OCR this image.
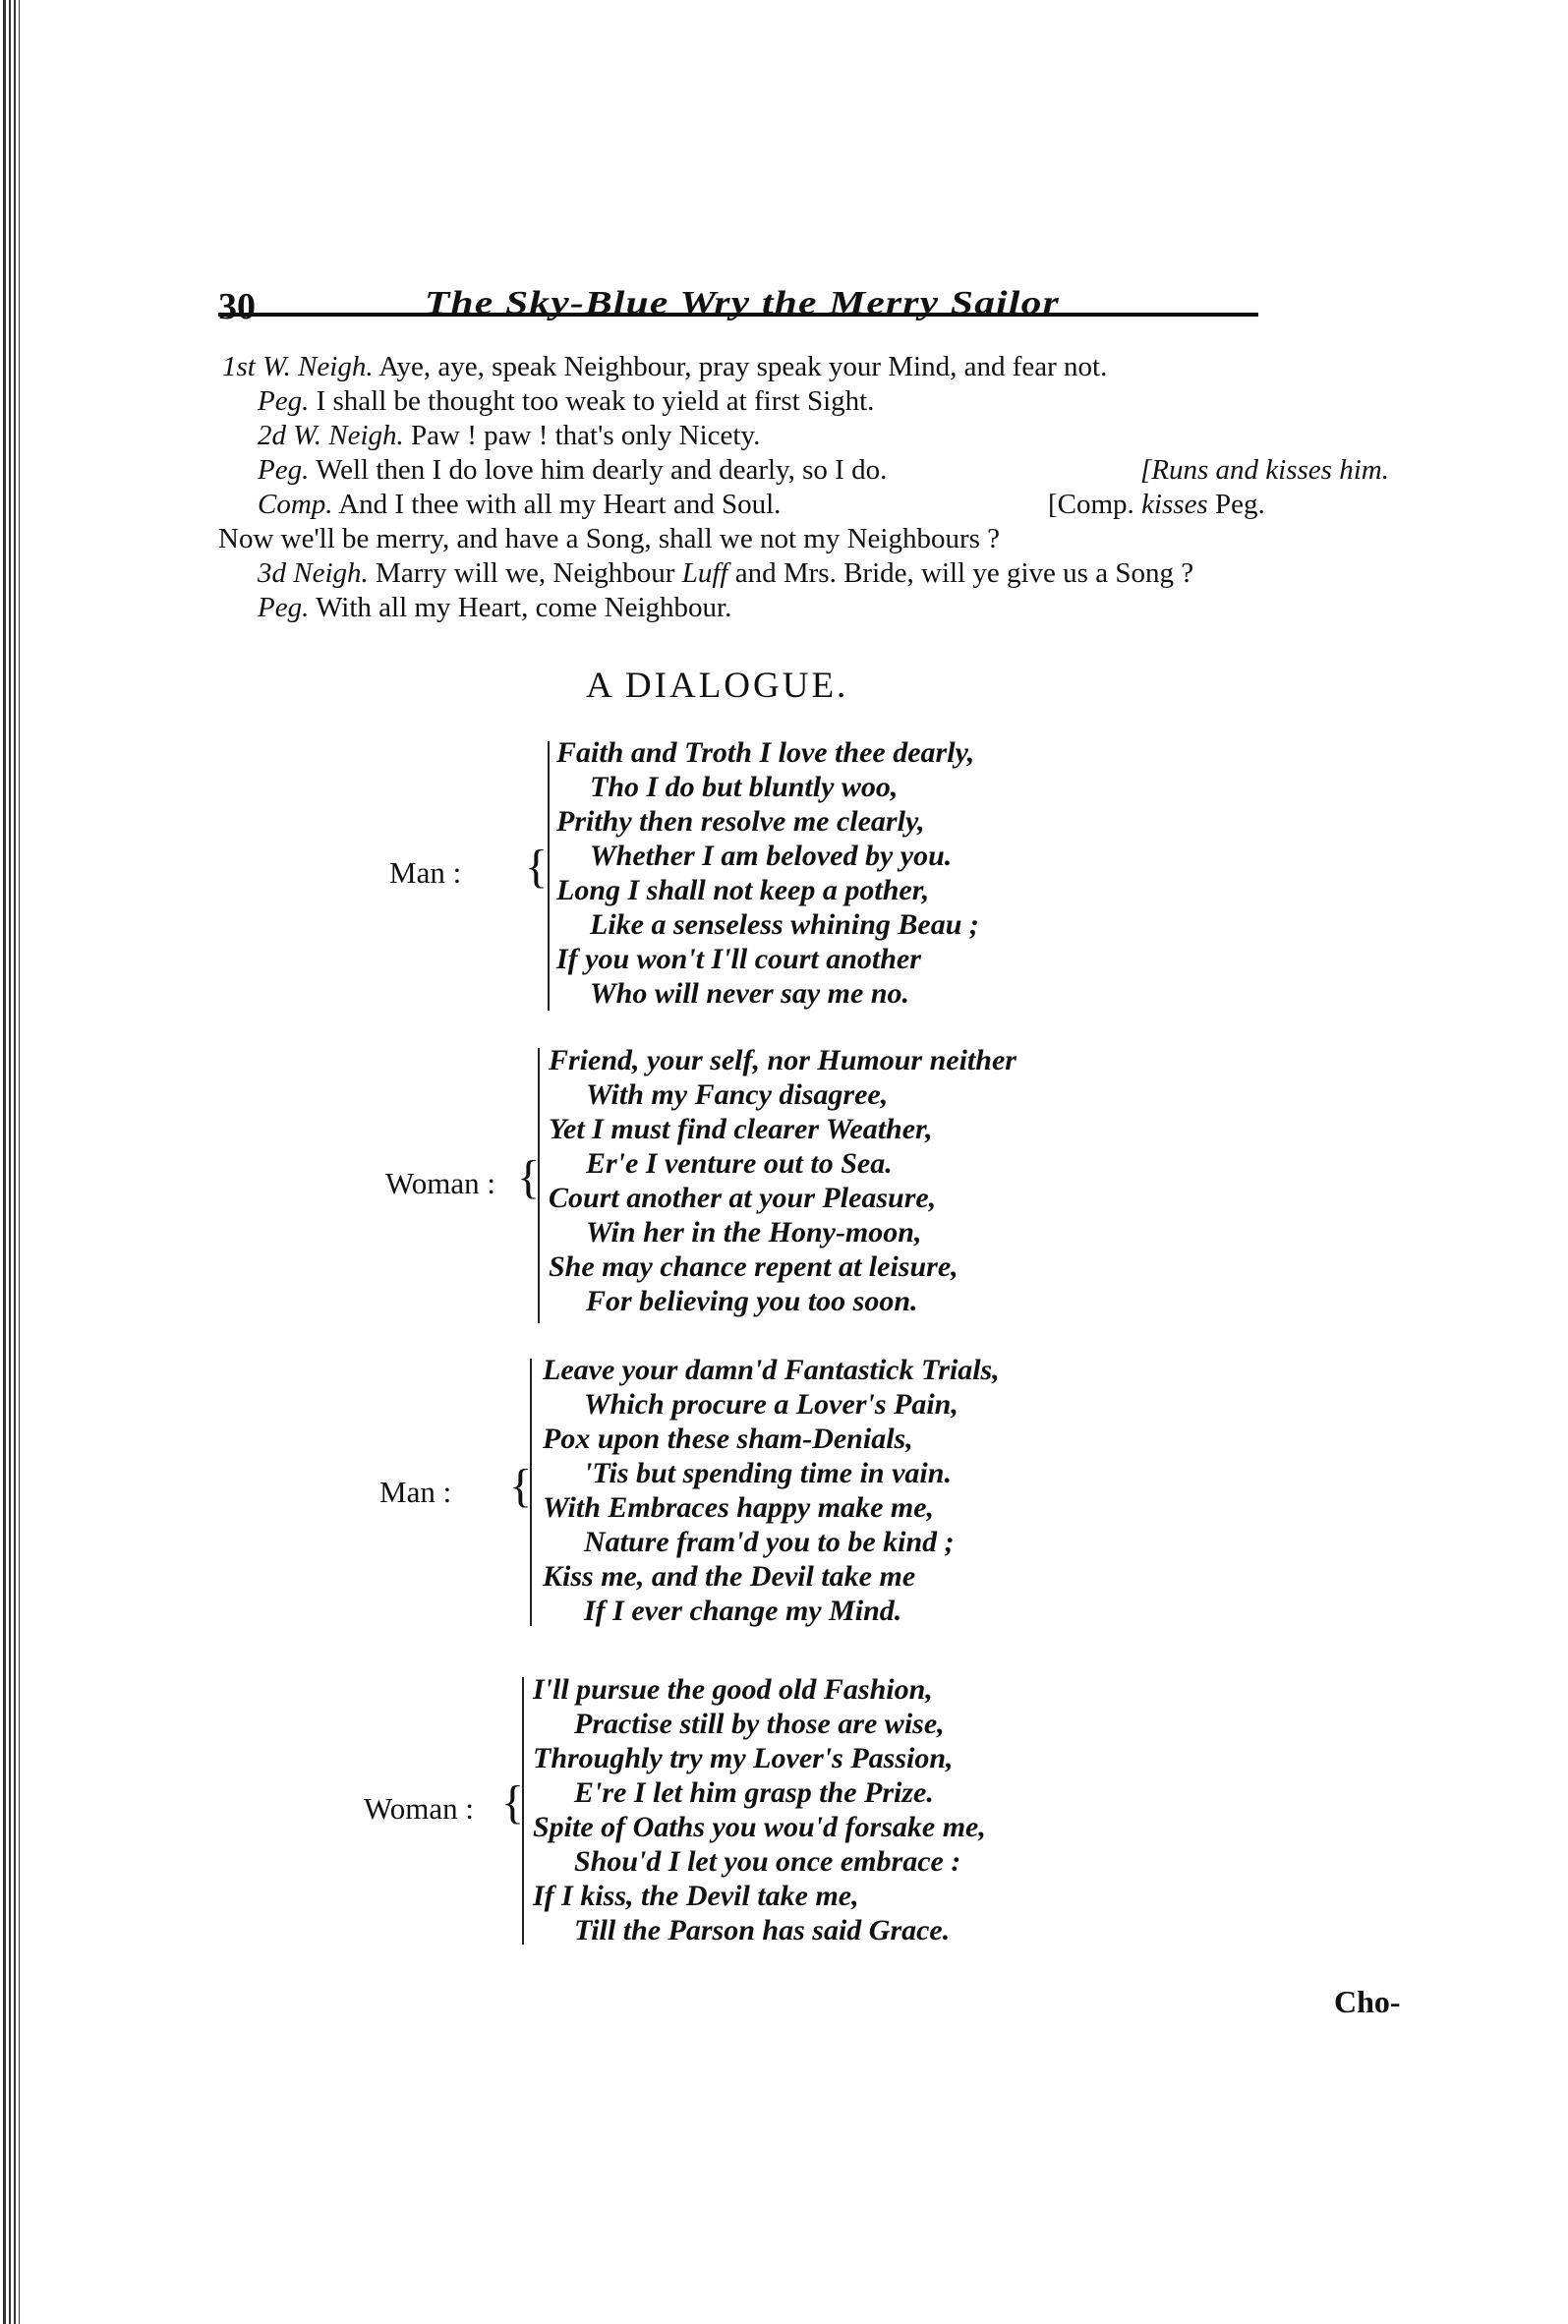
30	The Sky-Blue Wry the Merry Sailor
1st W. Neigh. Aye, aye, speak Neighbour, pray speak your Mind, and fear not.
Peg. I shall be thought too weak to yield at first Sight.
2d W. Neigh. Paw ! paw ! that's only Nicety.
Peg. Well then I do love him dearly and dearly, so I do.	[Runs and kisses him.
Comp. And I thee with all my Heart and Soul.	[Comp. kisses Peg.
Now we'll be merry, and have a Song, shall we not my Neighbours ?
3d Neigh. Marry will we, Neighbour Luff and Mrs. Bride, will ye give us a Song ?
Peg. With all my Heart, come Neighbour.
A DIALOGUE.
Man : {
Faith and Troth I love thee dearly,
Tho I do but bluntly woo,
Prithy then resolve me clearly,
Whether I am beloved by you.
Long I shall not keep a pother,
Like a senseless whining Beau ;
If you won't I'll court another
Who will never say me no.
Woman : {
Friend, your self, nor Humour neither
With my Fancy disagree,
Yet I must find clearer Weather,
Er'e I venture out to Sea.
Court another at your Pleasure,
Win her in the Hony-moon,
She may chance repent at leisure,
For believing you too soon.
Man : {
Leave your damn'd Fantastick Trials,
Which procure a Lover's Pain,
Pox upon these sham-Denials,
'Tis but spending time in vain.
With Embraces happy make me,
Nature fram'd you to be kind ;
Kiss me, and the Devil take me
If I ever change my Mind.
Woman : {
I'll pursue the good old Fashion,
Practise still by those are wise,
Throughly try my Lover's Passion,
E're I let him grasp the Prize.
Spite of Oaths you wou'd forsake me,
Shou'd I let you once embrace :
If I kiss, the Devil take me,
Till the Parson has said Grace.
Cho-
